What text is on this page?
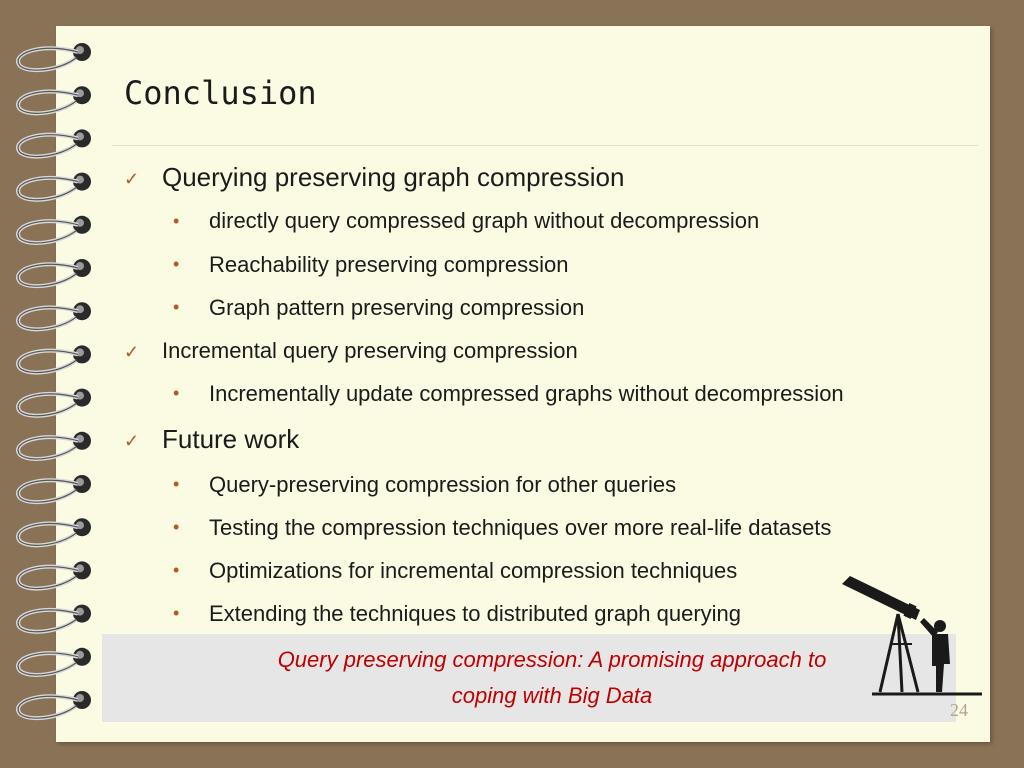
Conclusion
✓ Querying preserving graph compression
• directly query compressed graph without decompression
• Reachability preserving compression
• Graph pattern preserving compression
✓ Incremental query preserving compression
• Incrementally update compressed graphs without decompression
✓ Future work
• Query-preserving compression for other queries
• Testing the compression techniques over more real-life datasets
• Optimizations for incremental compression techniques
• Extending the techniques to distributed graph querying
Query preserving compression: A promising approach to
coping with Big Data
24
